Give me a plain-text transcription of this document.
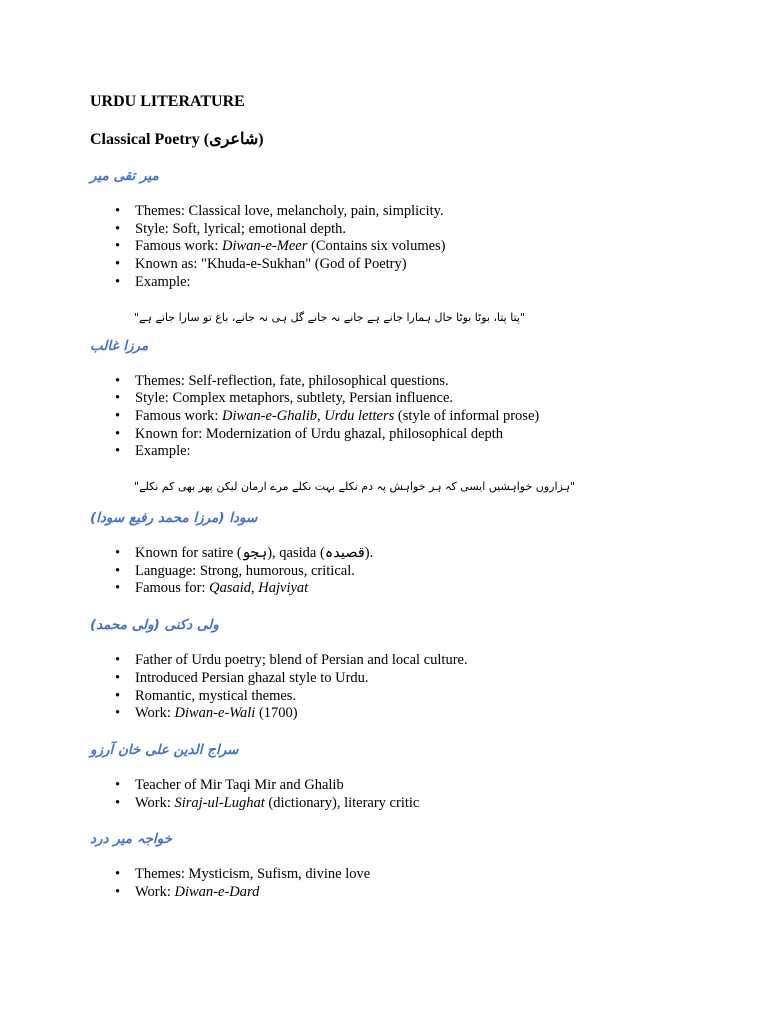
URDU LITERATURE
Classical Poetry (شاعری)

میر تقی میر

• Themes: Classical love, melancholy, pain, simplicity.
• Style: Soft, lyrical; emotional depth.
• Famous work: Diwan-e-Meer (Contains six volumes)
• Known as: "Khuda-e-Sukhan" (God of Poetry)
• Example:

"پتا پتا، بوٹا بوٹا حال ہمارا جانے ہے جانے نہ جانے گل ہی نہ جانے، باغ تو سارا جانے ہے"

مرزا غالب

• Themes: Self-reflection, fate, philosophical questions.
• Style: Complex metaphors, subtlety, Persian influence.
• Famous work: Diwan-e-Ghalib, Urdu letters (style of informal prose)
• Known for: Modernization of Urdu ghazal, philosophical depth
• Example:

"ہزاروں خواہشیں ایسی کہ ہر خواہش پہ دم نکلے بہت نکلے مرے ارمان لیکن پھر بھی کم نکلے"

سودا (مرزا محمد رفیع سودا)

• Known for satire (ہجو), qasida (قصیدہ).
• Language: Strong, humorous, critical.
• Famous for: Qasaid, Hajviyat

ولی دکنی (ولی محمد)

• Father of Urdu poetry; blend of Persian and local culture.
• Introduced Persian ghazal style to Urdu.
• Romantic, mystical themes.
• Work: Diwan-e-Wali (1700)

سراج الدین علی خان آرزو

• Teacher of Mir Taqi Mir and Ghalib
• Work: Siraj-ul-Lughat (dictionary), literary critic

خواجہ میر درد

• Themes: Mysticism, Sufism, divine love
• Work: Diwan-e-Dard
